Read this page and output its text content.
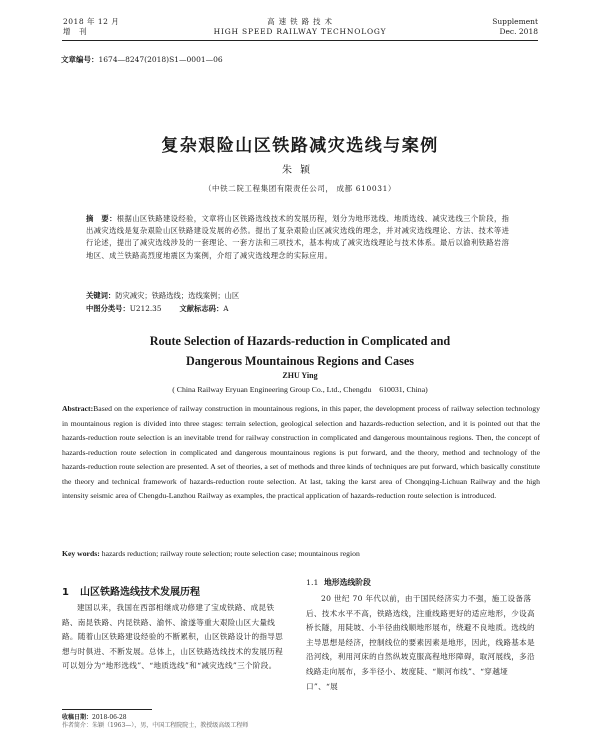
2018 年 12 月
增　刊
高 速 铁 路 技 术
HIGH SPEED RAILWAY TECHNOLOGY
Supplement
Dec. 2018
文章编号：1674—8247(2018)S1—0001—06
复杂艰险山区铁路减灾选线与案例
朱颖
（中铁二院工程集团有限责任公司， 成都 610031）
摘　要：根据山区铁路建设经验，文章将山区铁路选线技术的发展历程，划分为地形选线、地质选线、减灾选线三个阶段，指出减灾选线是复杂艰险山区铁路建设发展的必然。提出了复杂艰险山区减灾选线的理念，并对减灾选线理论、方法、技术等进行论述，提出了减灾选线涉及的一套理论、一套方法和三项技术，基本构成了减灾选线理论与技术体系。最后以渝利铁路岩溶地区、成兰铁路高烈度地震区为案例，介绍了减灾选线理念的实际应用。
关键词：防灾减灾；铁路选线；选线案例；山区
中图分类号：U212.35 文献标志码：A
Route Selection of Hazards-reduction in Complicated and
Dangerous Mountainous Regions and Cases
ZHU Ying
( China Railway Eryuan Engineering Group Co., Ltd., Chengdu　610031, China)
Abstract:Based on the experience of railway construction in mountainous regions, in this paper, the development process of railway selection technology in mountainous region is divided into three stages: terrain selection, geological selection and hazards-reduction selection, and it is pointed out that the hazards-reduction route selection is an inevitable trend for railway construction in complicated and dangerous mountainous regions. Then, the concept of hazards-reduction route selection in complicated and dangerous mountainous regions is put forward, and the theory, method and technology of the hazards-reduction route selection are presented. A set of theories, a set of methods and three kinds of techniques are put forward, which basically constitute the theory and technical framework of hazards-reduction route selection. At last, taking the karst area of Chongqing-Lichuan Railway and the high intensity seismic area of Chengdu-Lanzhou Railway as examples, the practical application of hazards-reduction route selection is introduced.
Key words: hazards reduction; railway route selection; route selection case; mountainous region
1 山区铁路选线技术发展历程
建国以来，我国在西部相继成功修建了宝成铁路、成昆铁路、南昆铁路、内昆铁路、渝怀、渝遂等重大艰险山区大量线路。随着山区铁路建设经验的不断累积，山区铁路设计的指导思想与时俱进、不断发展。总体上，山区铁路选线技术的发展历程可以划分为“地形选线”、“地质选线”和“减灾选线”三个阶段。
1.1 地形选线阶段
20 世纪 70 年代以前，由于国民经济实力不强，施工设备落后、技术水平不高，铁路选线，注重线路更好的适应地形，少设高桥长隧，用陡坡、小半径曲线顺地形展布，绕避不良地质。选线的主导思想是经济，控制线位的要素因素是地形，因此，线路基本是沿河线，利用河床的自然纵坡克服高程地形障碍，取河展线，多沿线路走向展布，多半径小、坡度陡、“顺河布线”、“穿越垭口”、“展
收稿日期：2018-06-28
作者简介：朱颖（1963—），男，中国工程院院士，教授级高级工程师
